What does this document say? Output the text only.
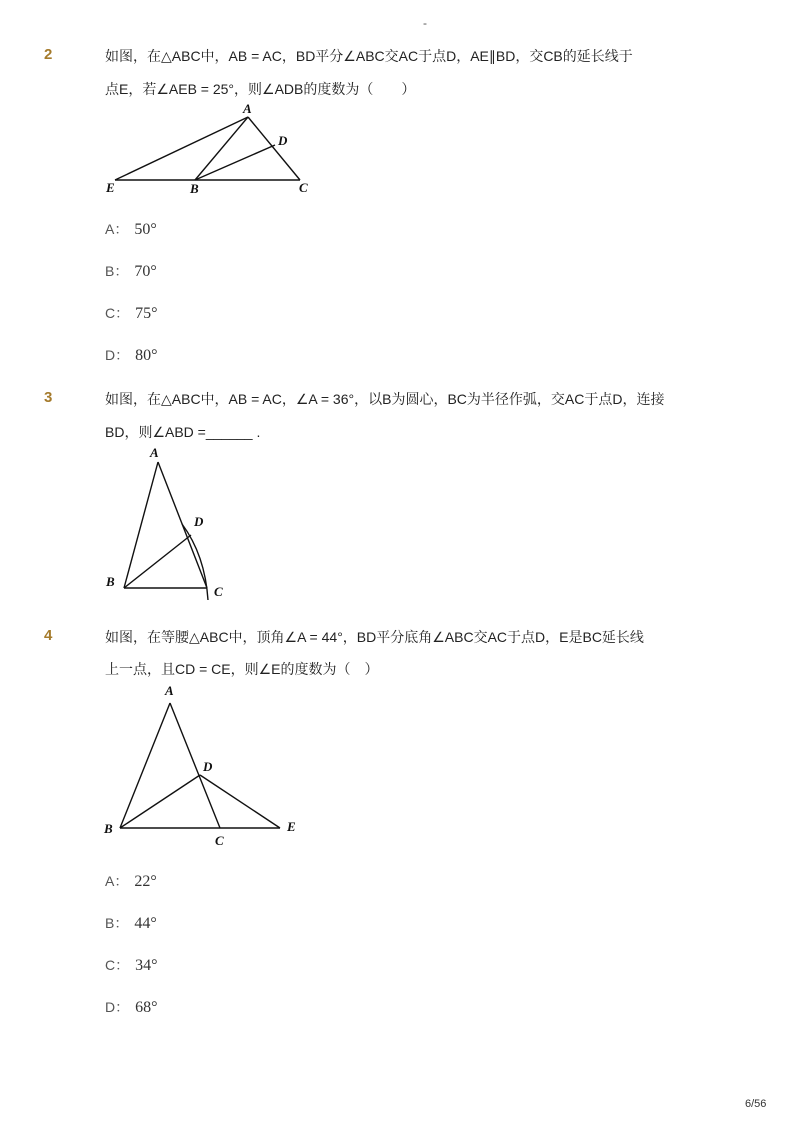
-
2	如图，在△ABC中，AB = AC，BD平分∠ABC交AC于点D，AE∥BD，交CB的延长线于
点E，若∠AEB = 25°，则∠ADB的度数为（　　）
A
D
E	B	C
A
D
B
C
A
D
B
C
E
A： 50°
B： 70°
C： 75°
D： 80°
3	如图，在△ABC中，AB = AC，∠A = 36°，以B为圆心，BC为半径作弧，交AC于点D，连接
BD，则∠ABD =______ .
4	如图，在等腰△ABC中，顶角∠A = 44°，BD平分底角∠ABC交AC于点D，E是BC延长线
上一点，且CD = CE，则∠E的度数为（　）
A： 22°
B： 44°
C： 34°
D： 68°
6/56
